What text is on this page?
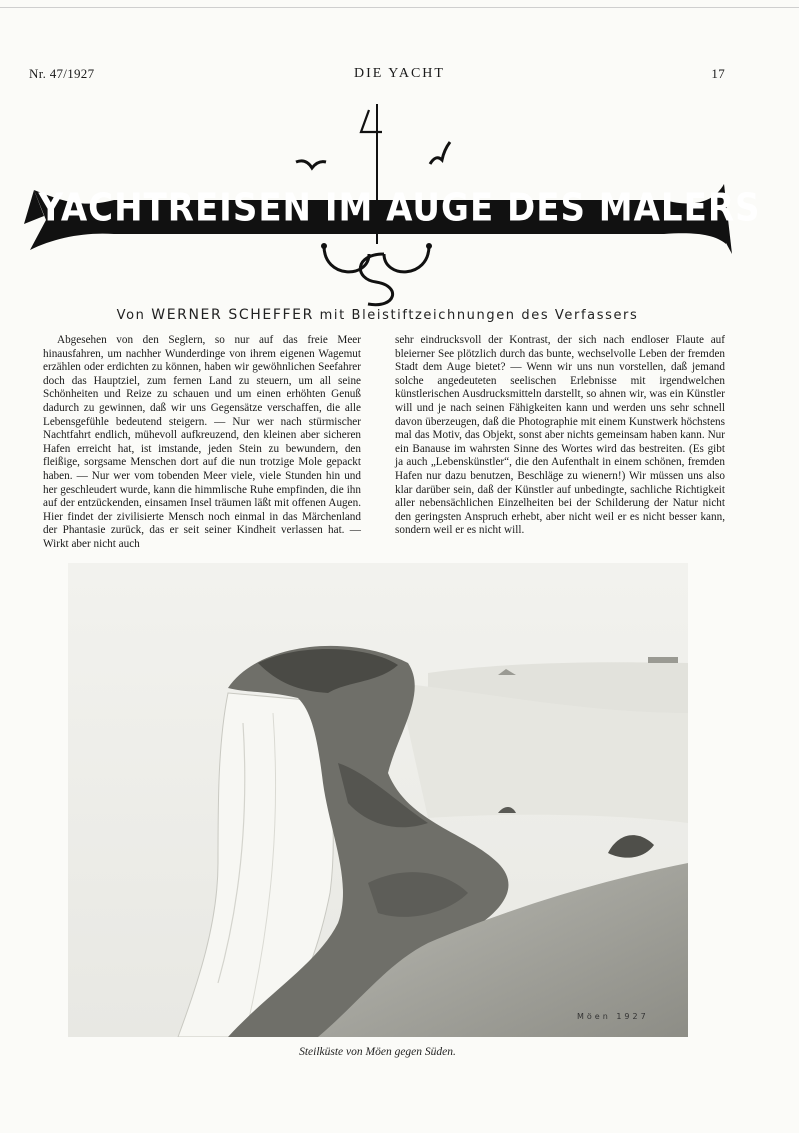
Nr. 47/1927	DIE YACHT	17
YACHTREISEN IM AUGE DES MALERS
Von WERNER SCHEFFER mit Bleistiftzeichnungen des Verfassers

Abgesehen von den Seglern, so nur auf das freie Meer hinausfahren, um nachher Wunderdinge von ihrem eigenen Wagemut erzählen oder erdichten zu können, haben wir gewöhnlichen Seefahrer doch das Hauptziel, zum fernen Land zu steuern, um all seine Schönheiten und Reize zu schauen und um einen erhöhten Genuß dadurch zu gewinnen, daß wir uns Gegensätze verschaffen, die alle Lebensgefühle bedeutend steigern. — Nur wer nach stürmischer Nachtfahrt endlich, mühevoll aufkreuzend, den kleinen aber sicheren Hafen erreicht hat, ist imstande, jeden Stein zu bewundern, den fleißige, sorgsame Menschen dort auf die nun trotzige Mole gepackt haben. — Nur wer vom tobenden Meer viele, viele Stunden hin und her geschleudert wurde, kann die himmlische Ruhe empfinden, die ihn auf der entzückenden, einsamen Insel träumen läßt mit offenen Augen. Hier findet der zivilisierte Mensch noch einmal in das Märchenland der Phantasie zurück, das er seit seiner Kindheit verlassen hat. — Wirkt aber nicht auch

sehr eindrucksvoll der Kontrast, der sich nach endloser Flaute auf bleierner See plötzlich durch das bunte, wechselvolle Leben der fremden Stadt dem Auge bietet? — Wenn wir uns nun vorstellen, daß jemand solche angedeuteten seelischen Erlebnisse mit irgendwelchen künstlerischen Ausdrucksmitteln darstellt, so ahnen wir, was ein Künstler will und je nach seinen Fähigkeiten kann und werden uns sehr schnell davon überzeugen, daß die Photographie mit einem Kunstwerk höchstens mal das Motiv, das Objekt, sonst aber nichts gemeinsam haben kann. Nur ein Banause im wahrsten Sinne des Wortes wird das bestreiten. (Es gibt ja auch „Lebenskünstler“, die den Aufenthalt in einem schönen, fremden Hafen nur dazu benutzen, Beschläge zu wienern!) Wir müssen uns also klar darüber sein, daß der Künstler auf unbedingte, sachliche Richtigkeit aller nebensächlichen Einzelheiten bei der Schilderung der Natur nicht den geringsten Anspruch erhebt, aber nicht weil er es nicht besser kann, sondern weil er es nicht will.

Möen 1927
Steilküste von Möen gegen Süden.
